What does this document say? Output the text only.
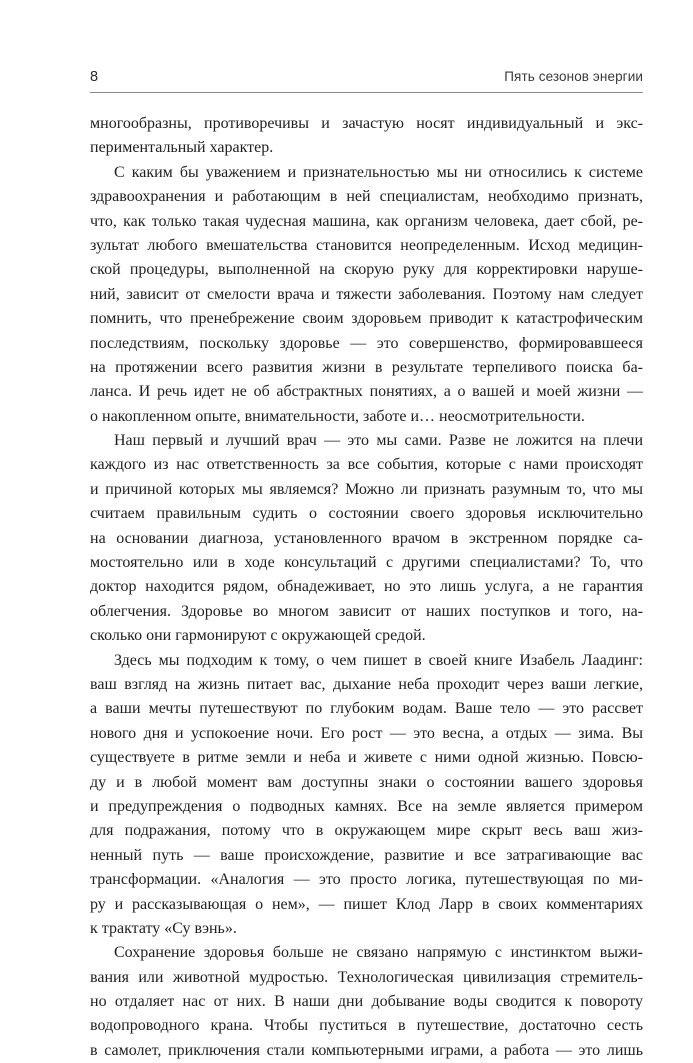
8	Пять сезонов энергии
многообразны, противоречивы и зачастую носят индивидуальный и экс-
периментальный характер.
С каким бы уважением и признательностью мы ни относились к системе
здравоохранения и работающим в ней специалистам, необходимо признать,
что, как только такая чудесная машина, как организм человека, дает сбой, ре-
зультат любого вмешательства становится неопределенным. Исход медицин-
ской процедуры, выполненной на скорую руку для корректировки наруше-
ний, зависит от смелости врача и тяжести заболевания. Поэтому нам следует
помнить, что пренебрежение своим здоровьем приводит к катастрофическим
последствиям, поскольку здоровье — это совершенство, формировавшееся
на протяжении всего развития жизни в результате терпеливого поиска ба-
ланса. И речь идет не об абстрактных понятиях, а о вашей и моей жизни —
о накопленном опыте, внимательности, заботе и… неосмотрительности.
Наш первый и лучший врач — это мы сами. Разве не ложится на плечи
каждого из нас ответственность за все события, которые с нами происходят
и причиной которых мы являемся? Можно ли признать разумным то, что мы
считаем правильным судить о состоянии своего здоровья исключительно
на основании диагноза, установленного врачом в экстренном порядке са-
мостоятельно или в ходе консультаций с другими специалистами? То, что
доктор находится рядом, обнадеживает, но это лишь услуга, а не гарантия
облегчения. Здоровье во многом зависит от наших поступков и того, на-
сколько они гармонируют с окружающей средой.
Здесь мы подходим к тому, о чем пишет в своей книге Изабель Лаадинг:
ваш взгляд на жизнь питает вас, дыхание неба проходит через ваши легкие,
а ваши мечты путешествуют по глубоким водам. Ваше тело — это рассвет
нового дня и успокоение ночи. Его рост — это весна, а отдых — зима. Вы
существуете в ритме земли и неба и живете с ними одной жизнью. Повсю-
ду и в любой момент вам доступны знаки о состоянии вашего здоровья
и предупреждения о подводных камнях. Все на земле является примером
для подражания, потому что в окружающем мире скрыт весь ваш жиз-
ненный путь — ваше происхождение, развитие и все затрагивающие вас
трансформации. «Аналогия — это просто логика, путешествующая по ми-
ру и рассказывающая о нем», — пишет Клод Ларр в своих комментариях
к трактату «Су вэнь».
Сохранение здоровья больше не связано напрямую с инстинктом выжи-
вания или животной мудростью. Технологическая цивилизация стремитель-
но отдаляет нас от них. В наши дни добывание воды сводится к повороту
водопроводного крана. Чтобы пуститься в путешествие, достаточно сесть
в самолет, приключения стали компьютерными играми, а работа — это лишь
